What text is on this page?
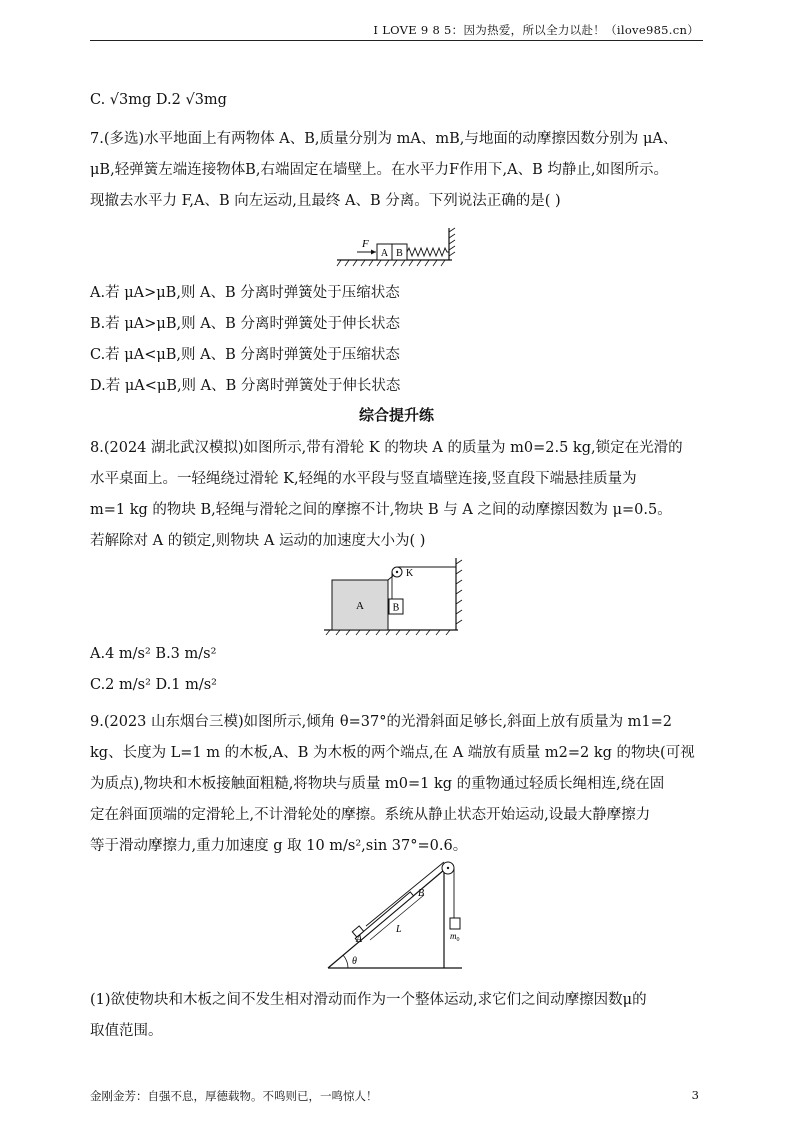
I LOVE 9 8 5：因为热爱，所以全力以赴！（ilove985.cn）
C. √3mg D.2 √3mg
7.(多选)水平地面上有两物体 A、B,质量分别为 mA、mB,与地面的动摩擦因数分别为 μA、
μB,轻弹簧左端连接物体B,右端固定在墙壁上。在水平力F作用下,A、B 均静止,如图所示。
现撤去水平力 F,A、B 向左运动,且最终 A、B 分离。下列说法正确的是( )
A B
F
A.若 μA>μB,则 A、B 分离时弹簧处于压缩状态
B.若 μA>μB,则 A、B 分离时弹簧处于伸长状态
C.若 μA<μB,则 A、B 分离时弹簧处于压缩状态
D.若 μA<μB,则 A、B 分离时弹簧处于伸长状态
综合提升练
8.(2024 湖北武汉模拟)如图所示,带有滑轮 K 的物块 A 的质量为 m0=2.5 kg,锁定在光滑的
水平桌面上。一轻绳绕过滑轮 K,轻绳的水平段与竖直墙壁连接,竖直段下端悬挂质量为
m=1 kg 的物块 B,轻绳与滑轮之间的摩擦不计,物块 B 与 A 之间的动摩擦因数为 μ=0.5。
若解除对 A 的锁定,则物块 A 运动的加速度大小为( )
A
K
B
A.4 m/s² B.3 m/s²
C.2 m/s² D.1 m/s²
9.(2023 山东烟台三模)如图所示,倾角 θ=37°的光滑斜面足够长,斜面上放有质量为 m1=2
kg、长度为 L=1 m 的木板,A、B 为木板的两个端点,在 A 端放有质量 m2=2 kg 的物块(可视
为质点),物块和木板接触面粗糙,将物块与质量 m0=1 kg 的重物通过轻质长绳相连,绕在固
定在斜面顶端的定滑轮上,不计滑轮处的摩擦。系统从静止状态开始运动,设最大静摩擦力
等于滑动摩擦力,重力加速度 g 取 10 m/s²,sin 37°=0.6。
$m_0$
A
B
L
θ
(1)欲使物块和木板之间不发生相对滑动而作为一个整体运动,求它们之间动摩擦因数μ的
取值范围。
金刚金芳：自强不息，厚德载物。不鸣则已，一鸣惊人！	3
